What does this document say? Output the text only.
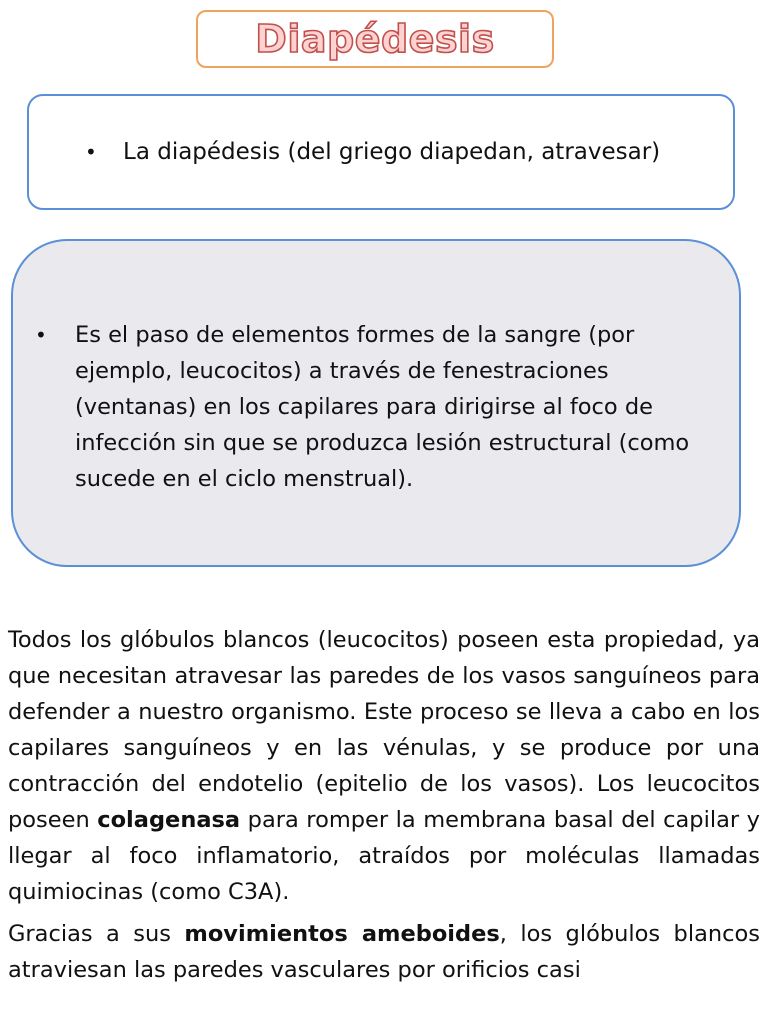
Diapédesis
•	La diapédesis (del griego diapedan, atravesar)
•	Es el paso de elementos formes de la sangre (por ejemplo, leucocitos) a través de fenestraciones (ventanas) en los capilares para dirigirse al foco de infección sin que se produzca lesión estructural (como sucede en el ciclo menstrual).

Todos los glóbulos blancos (leucocitos) poseen esta propiedad, ya que necesitan atravesar las paredes de los vasos sanguíneos para defender a nuestro organismo. Este proceso se lleva a cabo en los capilares sanguíneos y en las vénulas, y se produce por una contracción del endotelio (epitelio de los vasos). Los leucocitos poseen colagenasa para romper la membrana basal del capilar y llegar al foco inflamatorio, atraídos por moléculas llamadas quimiocinas (como C3A).

Gracias a sus movimientos ameboides, los glóbulos blancos atraviesan las paredes vasculares por orificios casi
